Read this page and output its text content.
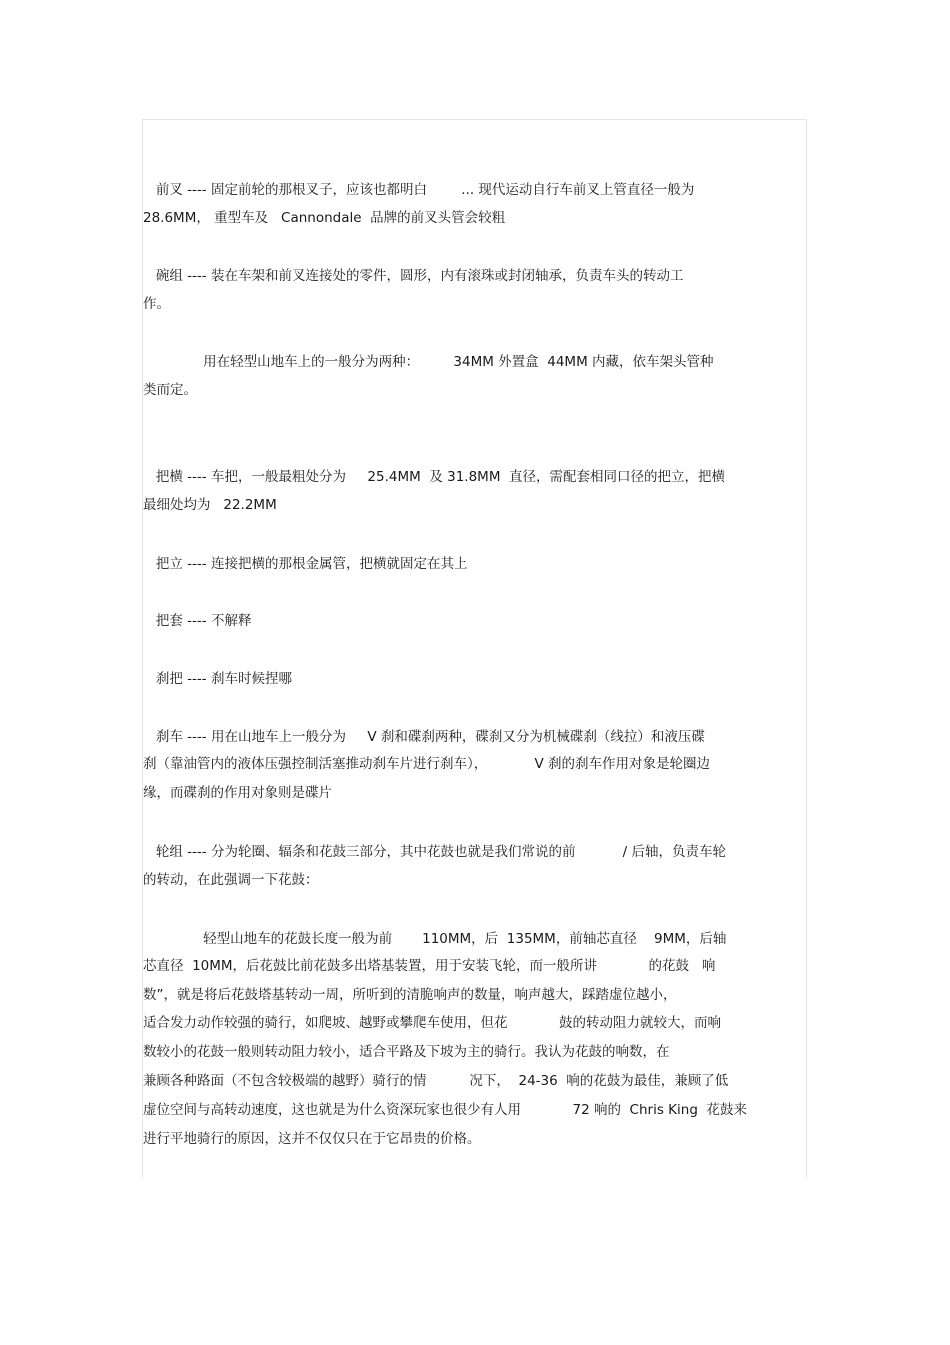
前叉 ---- 固定前轮的那根叉子，应该也都明白        ... 现代运动自行车前叉上管直径一般为
28.6MM， 重型车及   Cannondale  品牌的前叉头管会较粗
碗组 ---- 装在车架和前叉连接处的零件，圆形，内有滚珠或封闭轴承，负责车头的转动工
作。
用在轻型山地车上的一般分为两种：        34MM 外置盒  44MM 内藏，依车架头管种
类而定。
把横 ---- 车把，一般最粗处分为     25.4MM  及 31.8MM  直径，需配套相同口径的把立，把横
最细处均为   22.2MM
把立 ---- 连接把横的那根金属管，把横就固定在其上
把套 ---- 不解释
刹把 ---- 刹车时候捏哪
刹车 ---- 用在山地车上一般分为     V 刹和碟刹两种，碟刹又分为机械碟刹（线拉）和液压碟
刹（靠油管内的液体压强控制活塞推动刹车片进行刹车），           V 刹的刹车作用对象是轮圈边
缘，而碟刹的作用对象则是碟片
轮组 ---- 分为轮圈、辐条和花鼓三部分，其中花鼓也就是我们常说的前           / 后轴，负责车轮
的转动，在此强调一下花鼓：
轻型山地车的花鼓长度一般为前       110MM，后  135MM，前轴芯直径    9MM，后轴
芯直径  10MM，后花鼓比前花鼓多出塔基装置，用于安装飞轮，而一般所讲            的花鼓   响
数”，就是将后花鼓塔基转动一周，所听到的清脆响声的数量，响声越大，踩踏虚位越小，
适合发力动作较强的骑行，如爬坡、越野或攀爬车使用，但花            鼓的转动阻力就较大，而响
数较小的花鼓一般则转动阻力较小，适合平路及下坡为主的骑行。我认为花鼓的响数，在
兼顾各种路面（不包含较极端的越野）骑行的情          况下，  24-36  响的花鼓为最佳，兼顾了低
虚位空间与高转动速度，这也就是为什么资深玩家也很少有人用            72 响的  Chris King  花鼓来
进行平地骑行的原因，这并不仅仅只在于它昂贵的价格。
